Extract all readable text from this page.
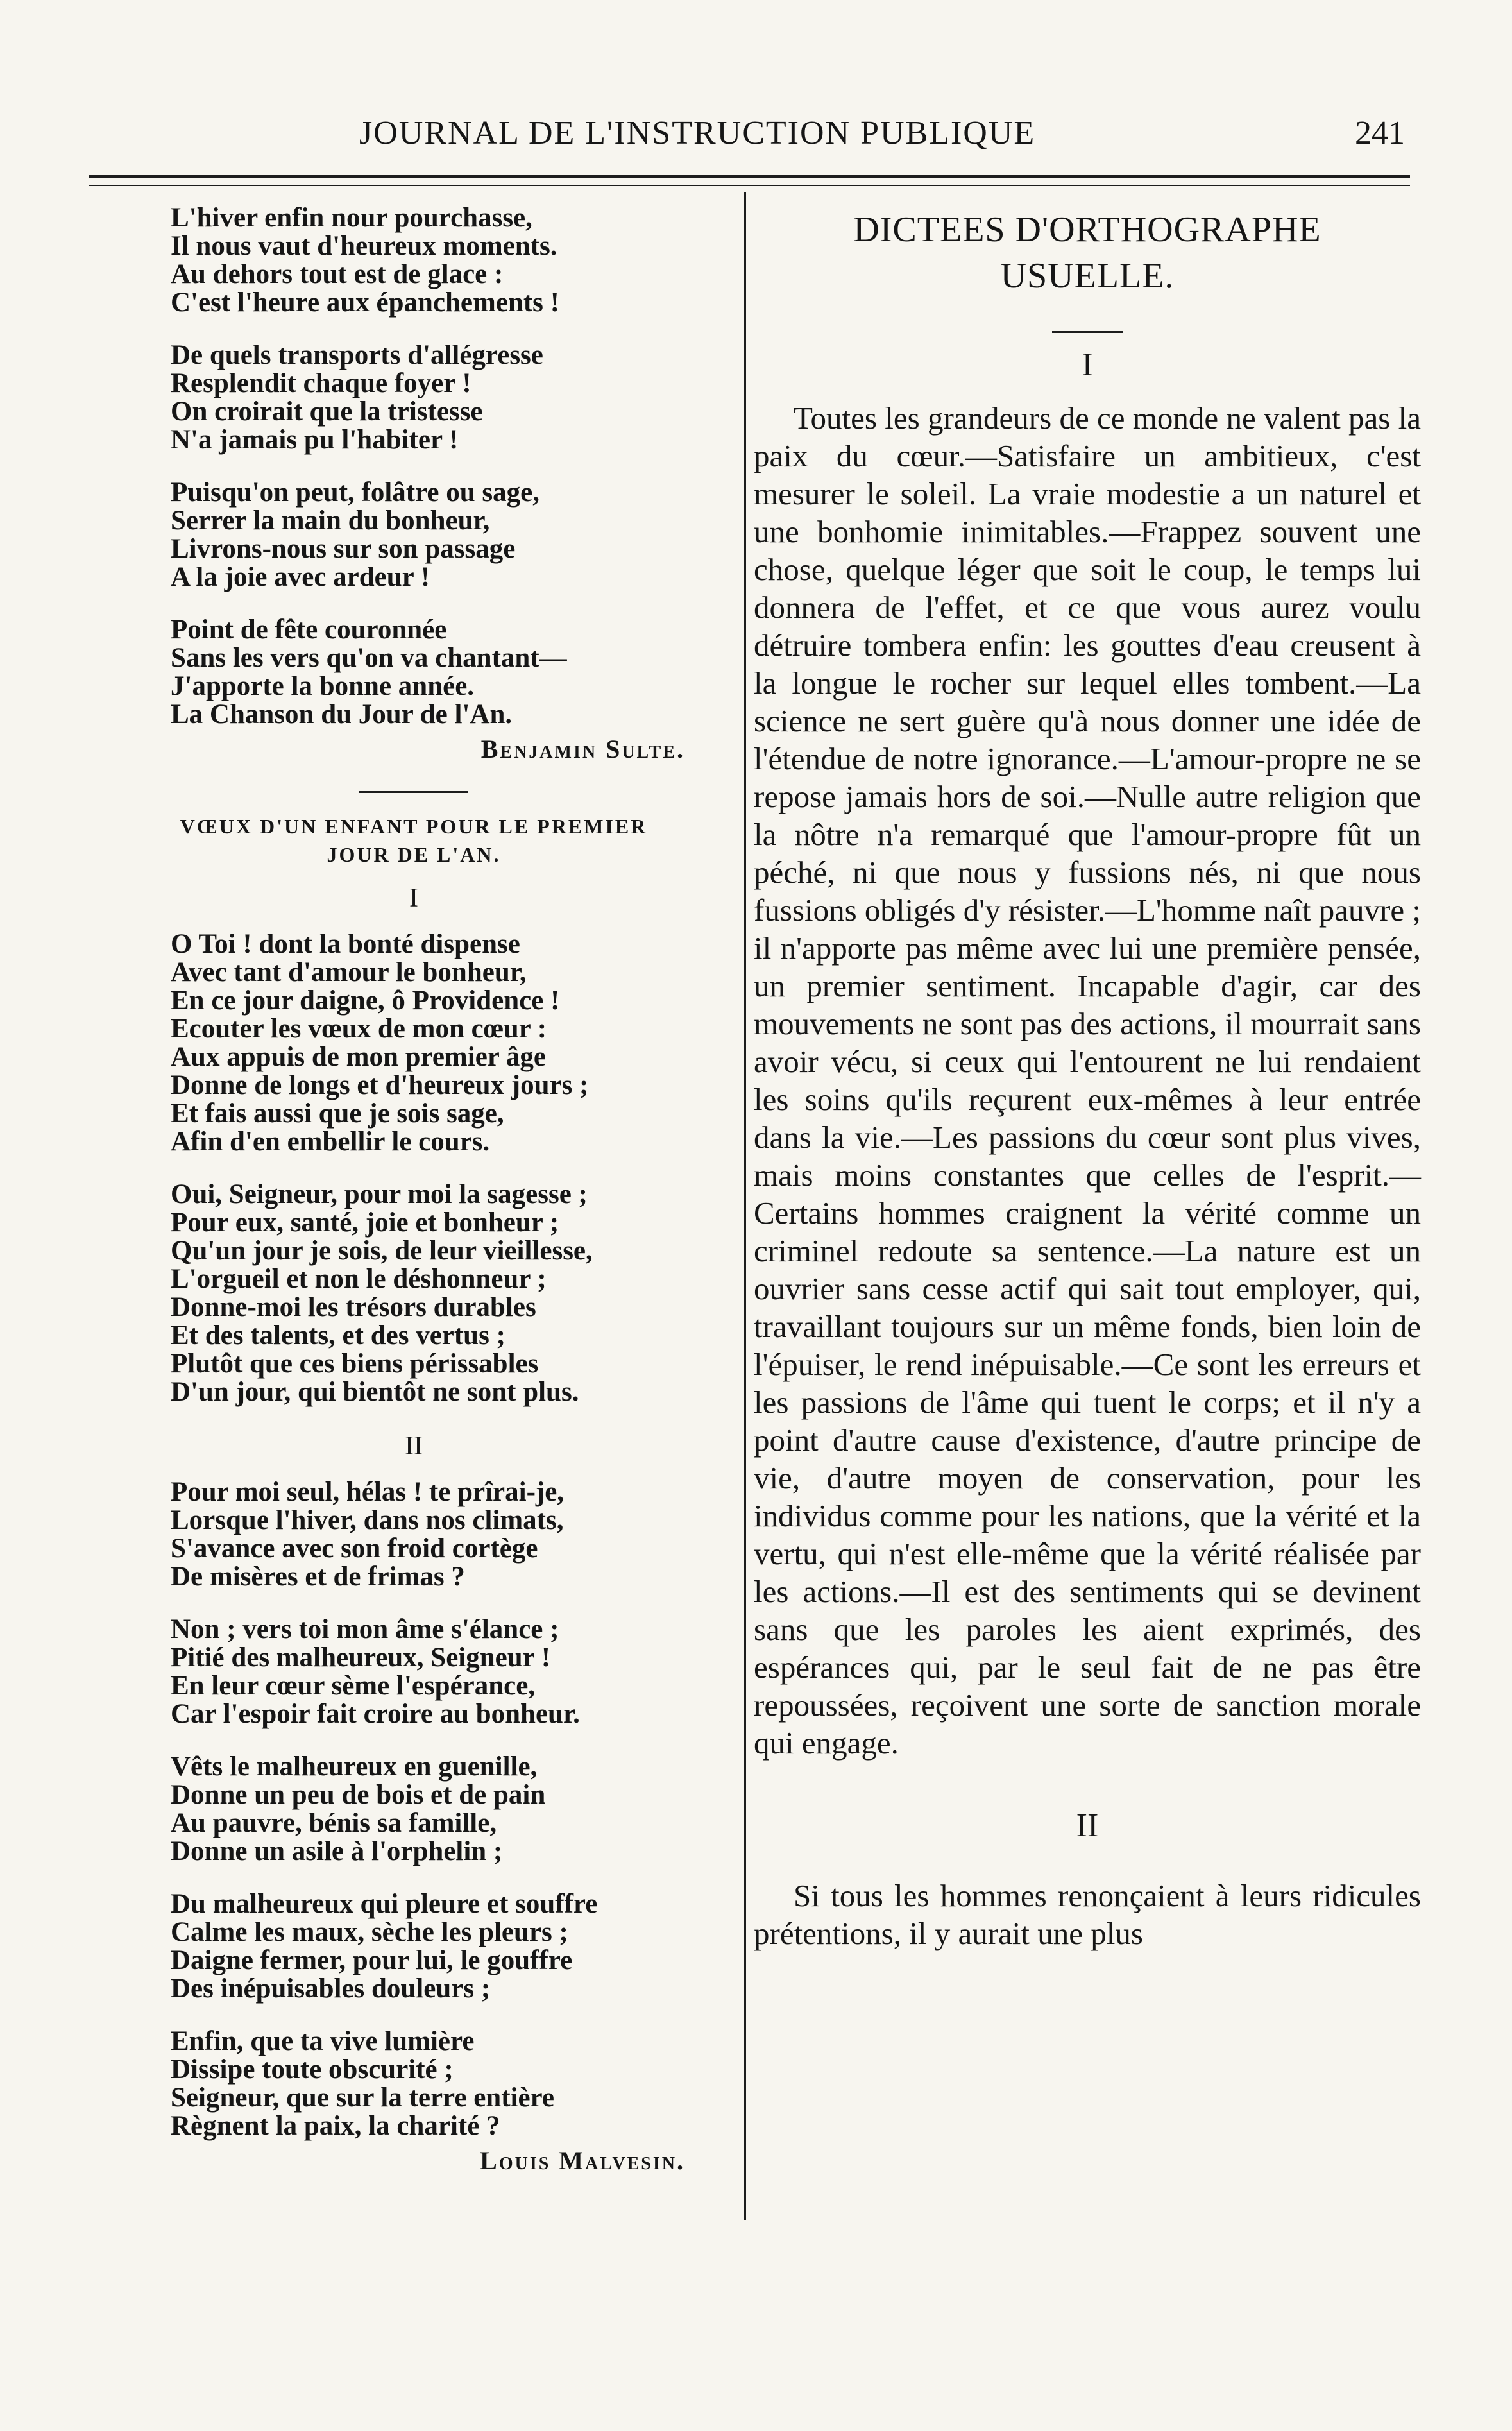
JOURNAL DE L'INSTRUCTION PUBLIQUE	241
L'hiver enfin nour pourchasse,
Il nous vaut d'heureux moments.
Au dehors tout est de glace :
C'est l'heure aux épanchements !
De quels transports d'allégresse
Resplendit chaque foyer !
On croirait que la tristesse
N'a jamais pu l'habiter !
Puisqu'on peut, folâtre ou sage,
Serrer la main du bonheur,
Livrons-nous sur son passage
A la joie avec ardeur !
Point de fête couronnée
Sans les vers qu'on va chantant—
J'apporte la bonne année.
La Chanson du Jour de l'An.
Benjamin Sulte.
VŒUX D'UN ENFANT POUR LE PREMIER
JOUR DE L'AN.
I
O Toi ! dont la bonté dispense
Avec tant d'amour le bonheur,
En ce jour daigne, ô Providence !
Ecouter les vœux de mon cœur :
Aux appuis de mon premier âge
Donne de longs et d'heureux jours ;
Et fais aussi que je sois sage,
Afin d'en embellir le cours.
Oui, Seigneur, pour moi la sagesse ;
Pour eux, santé, joie et bonheur ;
Qu'un jour je sois, de leur vieillesse,
L'orgueil et non le déshonneur ;
Donne-moi les trésors durables
Et des talents, et des vertus ;
Plutôt que ces biens périssables
D'un jour, qui bientôt ne sont plus.
II
Pour moi seul, hélas ! te prîrai-je,
Lorsque l'hiver, dans nos climats,
S'avance avec son froid cortège
De misères et de frimas ?
Non ; vers toi mon âme s'élance ;
Pitié des malheureux, Seigneur !
En leur cœur sème l'espérance,
Car l'espoir fait croire au bonheur.
Vêts le malheureux en guenille,
Donne un peu de bois et de pain
Au pauvre, bénis sa famille,
Donne un asile à l'orphelin ;
Du malheureux qui pleure et souffre
Calme les maux, sèche les pleurs ;
Daigne fermer, pour lui, le gouffre
Des inépuisables douleurs ;
Enfin, que ta vive lumière
Dissipe toute obscurité ;
Seigneur, que sur la terre entière
Règnent la paix, la charité ?
Louis Malvesin.
DICTEES D'ORTHOGRAPHE
USUELLE.
I

Toutes les grandeurs de ce monde ne valent pas la paix du cœur.—Satisfaire un ambitieux, c'est mesurer le soleil. La vraie modestie a un naturel et une bonhomie inimitables.—Frappez souvent une chose, quelque léger que soit le coup, le temps lui donnera de l'effet, et ce que vous aurez voulu détruire tombera enfin: les gouttes d'eau creusent à la longue le rocher sur lequel elles tombent.—La science ne sert guère qu'à nous donner une idée de l'étendue de notre ignorance.—L'amour-propre ne se repose jamais hors de soi.—Nulle autre religion que la nôtre n'a remarqué que l'amour-propre fût un péché, ni que nous y fussions nés, ni que nous fussions obligés d'y résister.—L'homme naît pauvre ; il n'apporte pas même avec lui une première pensée, un premier sentiment. Incapable d'agir, car des mouvements ne sont pas des actions, il mourrait sans avoir vécu, si ceux qui l'entourent ne lui rendaient les soins qu'ils reçurent eux-mêmes à leur entrée dans la vie.—Les passions du cœur sont plus vives, mais moins constantes que celles de l'esprit.—Certains hommes craignent la vérité comme un criminel redoute sa sentence.—La nature est un ouvrier sans cesse actif qui sait tout employer, qui, travaillant toujours sur un même fonds, bien loin de l'épuiser, le rend inépuisable.—Ce sont les erreurs et les passions de l'âme qui tuent le corps; et il n'y a point d'autre cause d'existence, d'autre principe de vie, d'autre moyen de conservation, pour les individus comme pour les nations, que la vérité et la vertu, qui n'est elle-même que la vérité réalisée par les actions.—Il est des sentiments qui se devinent sans que les paroles les aient exprimés, des espérances qui, par le seul fait de ne pas être repoussées, reçoivent une sorte de sanction morale qui engage.

II

Si tous les hommes renonçaient à leurs ridicules prétentions, il y aurait une plus
